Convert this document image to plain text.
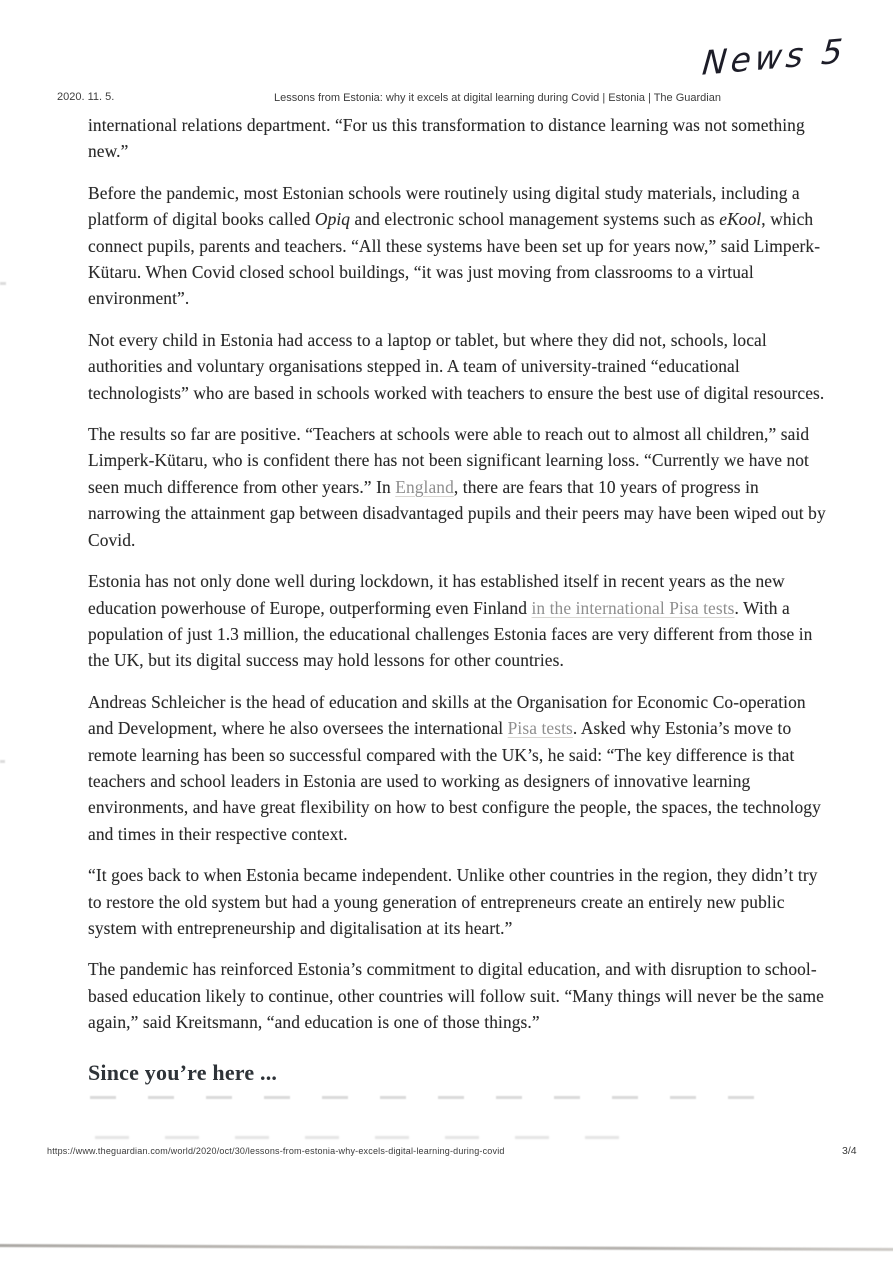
News 5
2020. 11. 5.	Lessons from Estonia: why it excels at digital learning during Covid | Estonia | The Guardian

international relations department. “For us this transformation to distance learning was not something new.”

Before the pandemic, most Estonian schools were routinely using digital study materials, including a platform of digital books called Opiq and electronic school management systems such as eKool, which connect pupils, parents and teachers. “All these systems have been set up for years now,” said Limperk-Kütaru. When Covid closed school buildings, “it was just moving from classrooms to a virtual environment”.

Not every child in Estonia had access to a laptop or tablet, but where they did not, schools, local authorities and voluntary organisations stepped in. A team of university-trained “educational technologists” who are based in schools worked with teachers to ensure the best use of digital resources.

The results so far are positive. “Teachers at schools were able to reach out to almost all children,” said Limperk-Kütaru, who is confident there has not been significant learning loss. “Currently we have not seen much difference from other years.” In England, there are fears that 10 years of progress in narrowing the attainment gap between disadvantaged pupils and their peers may have been wiped out by Covid.

Estonia has not only done well during lockdown, it has established itself in recent years as the new education powerhouse of Europe, outperforming even Finland in the international Pisa tests. With a population of just 1.3 million, the educational challenges Estonia faces are very different from those in the UK, but its digital success may hold lessons for other countries.

Andreas Schleicher is the head of education and skills at the Organisation for Economic Co-operation and Development, where he also oversees the international Pisa tests. Asked why Estonia’s move to remote learning has been so successful compared with the UK’s, he said: “The key difference is that teachers and school leaders in Estonia are used to working as designers of innovative learning environments, and have great flexibility on how to best configure the people, the spaces, the technology and times in their respective context.

“It goes back to when Estonia became independent. Unlike other countries in the region, they didn’t try to restore the old system but had a young generation of entrepreneurs create an entirely new public system with entrepreneurship and digitalisation at its heart.”

The pandemic has reinforced Estonia’s commitment to digital education, and with disruption to school-based education likely to continue, other countries will follow suit. “Many things will never be the same again,” said Kreitsmann, “and education is one of those things.”

Since you’re here ...
https://www.theguardian.com/world/2020/oct/30/lessons-from-estonia-why-excels-digital-learning-during-covid	3/4
